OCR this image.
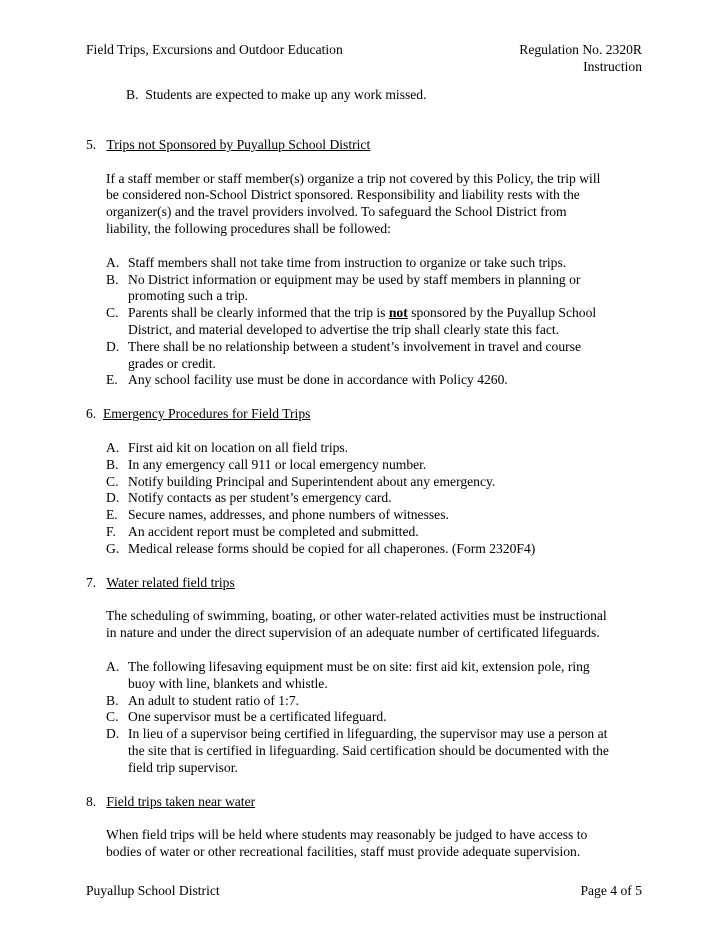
Field Trips, Excursions and Outdoor Education	Regulation No. 2320R
Instruction
B. Students are expected to make up any work missed.
5. Trips not Sponsored by Puyallup School District
If a staff member or staff member(s) organize a trip not covered by this Policy, the trip will
be considered non-School District sponsored. Responsibility and liability rests with the
organizer(s) and the travel providers involved. To safeguard the School District from
liability, the following procedures shall be followed:
A. Staff members shall not take time from instruction to organize or take such trips.
B. No District information or equipment may be used by staff members in planning or
promoting such a trip.
C. Parents shall be clearly informed that the trip is not sponsored by the Puyallup School
District, and material developed to advertise the trip shall clearly state this fact.
D. There shall be no relationship between a student’s involvement in travel and course
grades or credit.
E. Any school facility use must be done in accordance with Policy 4260.
6. Emergency Procedures for Field Trips
A. First aid kit on location on all field trips.
B. In any emergency call 911 or local emergency number.
C. Notify building Principal and Superintendent about any emergency.
D. Notify contacts as per student’s emergency card.
E. Secure names, addresses, and phone numbers of witnesses.
F. An accident report must be completed and submitted.
G. Medical release forms should be copied for all chaperones. (Form 2320F4)
7. Water related field trips
The scheduling of swimming, boating, or other water-related activities must be instructional
in nature and under the direct supervision of an adequate number of certificated lifeguards.
A. The following lifesaving equipment must be on site: first aid kit, extension pole, ring
buoy with line, blankets and whistle.
B. An adult to student ratio of 1:7.
C. One supervisor must be a certificated lifeguard.
D. In lieu of a supervisor being certified in lifeguarding, the supervisor may use a person at
the site that is certified in lifeguarding. Said certification should be documented with the
field trip supervisor.
8. Field trips taken near water
When field trips will be held where students may reasonably be judged to have access to
bodies of water or other recreational facilities, staff must provide adequate supervision.
Puyallup School District	Page 4 of 5
